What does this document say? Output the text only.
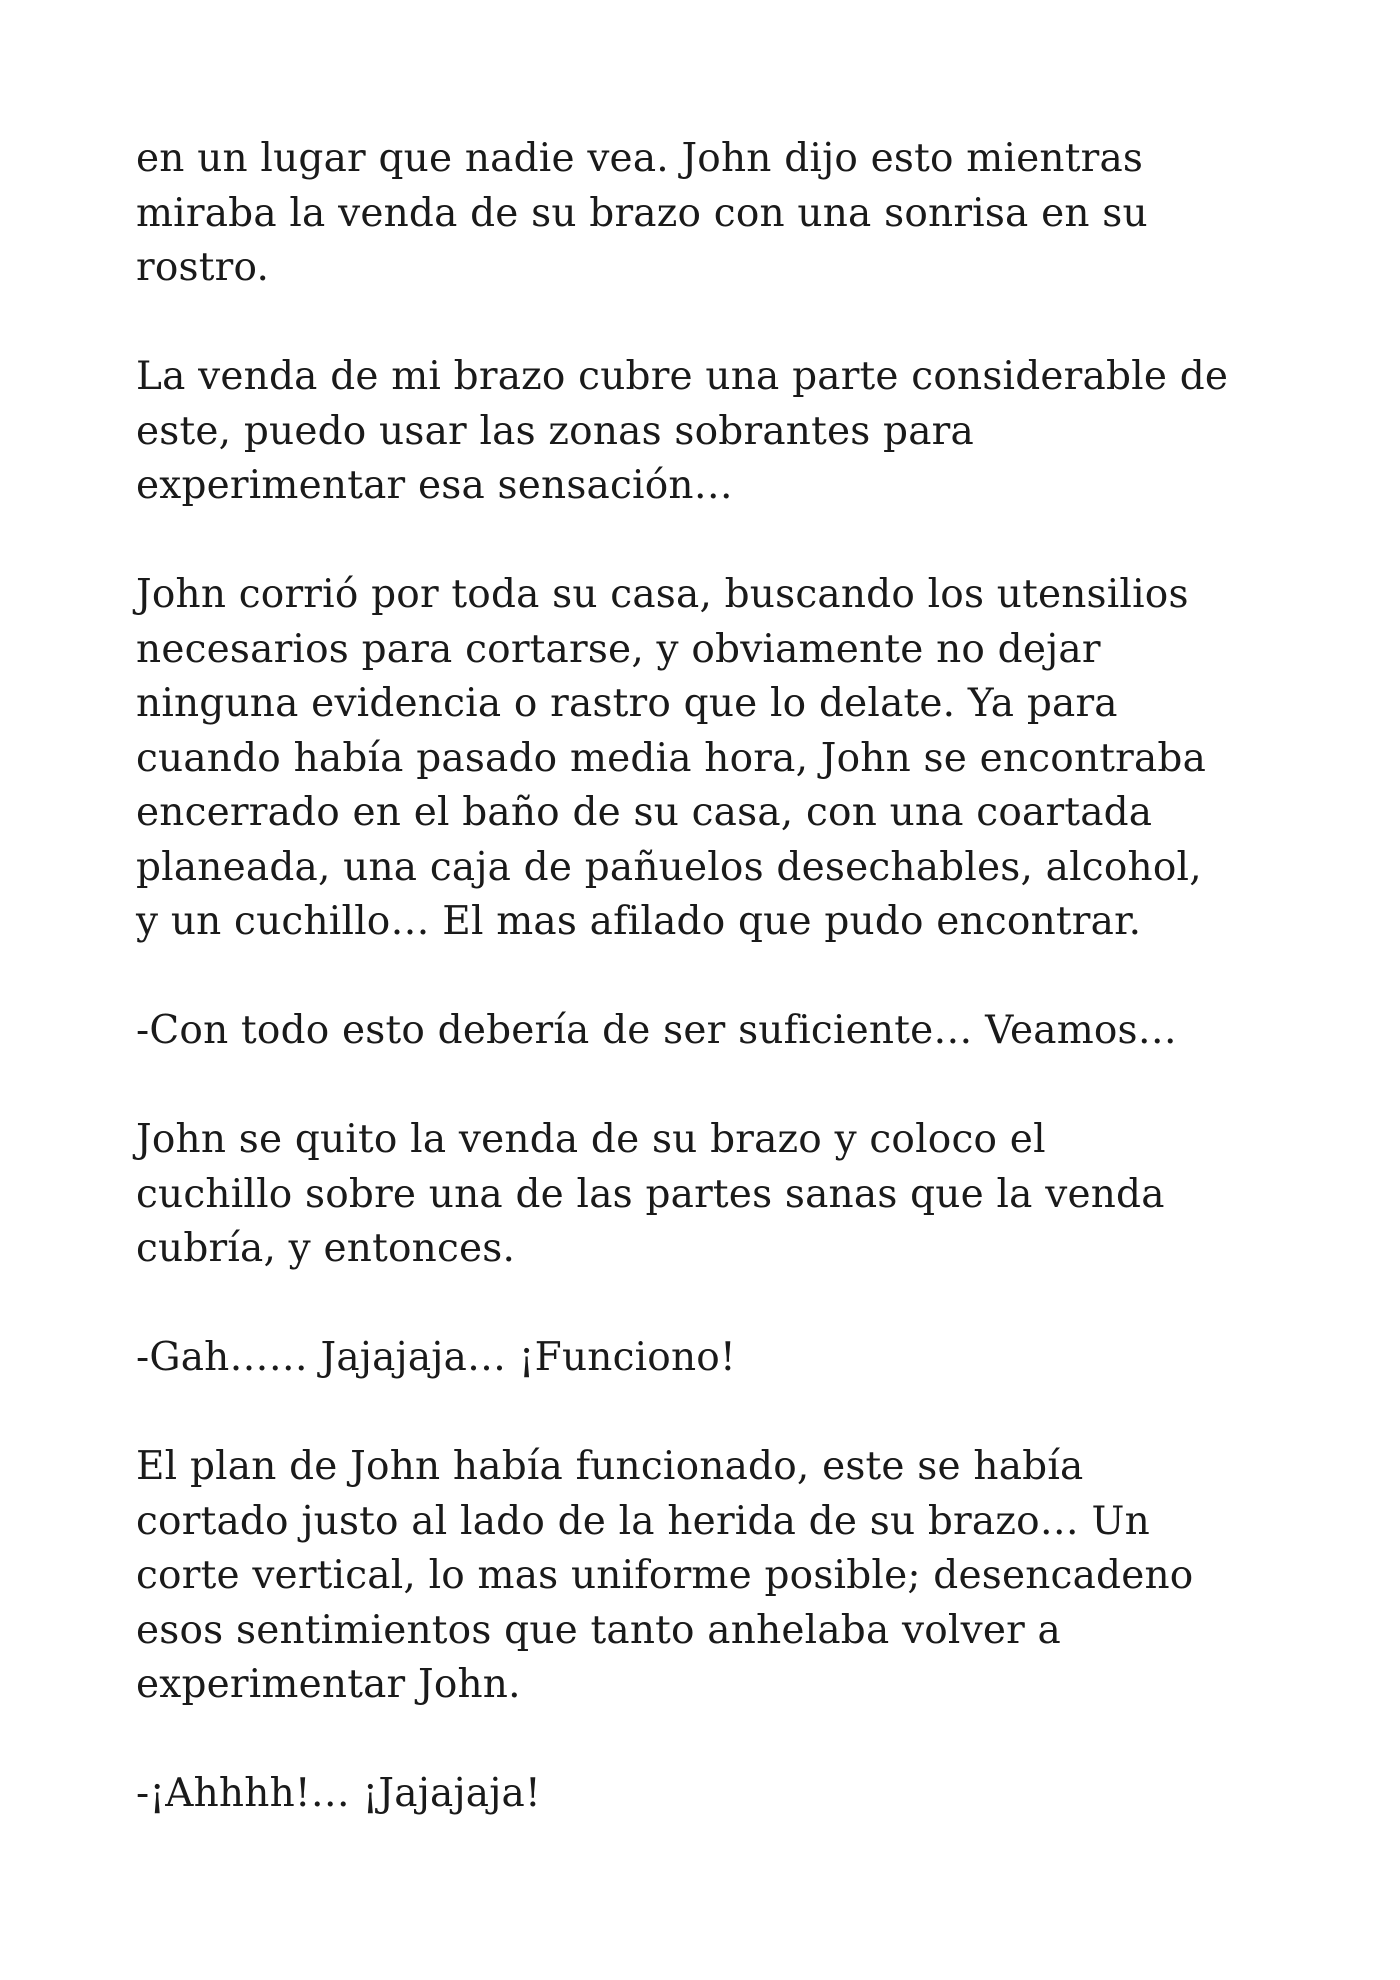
en un lugar que nadie vea. John dijo esto mientras
miraba la venda de su brazo con una sonrisa en su
rostro.

La venda de mi brazo cubre una parte considerable de
este, puedo usar las zonas sobrantes para
experimentar esa sensación…

John corrió por toda su casa, buscando los utensilios
necesarios para cortarse, y obviamente no dejar
ninguna evidencia o rastro que lo delate. Ya para
cuando había pasado media hora, John se encontraba
encerrado en el baño de su casa, con una coartada
planeada, una caja de pañuelos desechables, alcohol,
y un cuchillo… El mas afilado que pudo encontrar.

-Con todo esto debería de ser suficiente… Veamos…

John se quito la venda de su brazo y coloco el
cuchillo sobre una de las partes sanas que la venda
cubría, y entonces.

-Gah…… Jajajaja… ¡Funciono!

El plan de John había funcionado, este se había
cortado justo al lado de la herida de su brazo… Un
corte vertical, lo mas uniforme posible; desencadeno
esos sentimientos que tanto anhelaba volver a
experimentar John.

-¡Ahhhh!… ¡Jajajaja!
